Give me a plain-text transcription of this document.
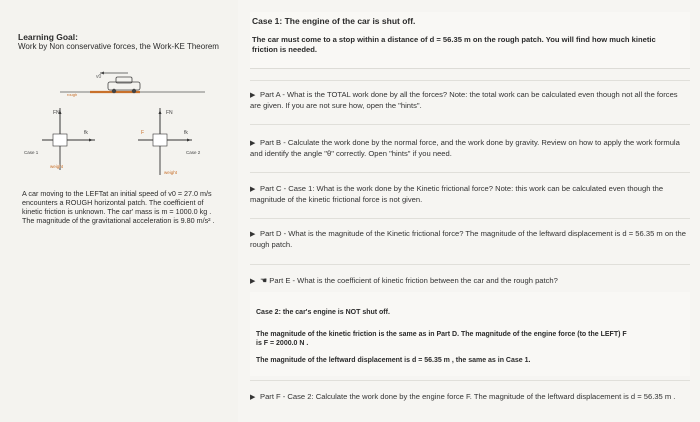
Learning Goal:
Work by Non conservative forces, the Work-KE Theorem
v0
rough
FN
fk
Case 1
weight
F
FN
fk
Case 2
weight
A car moving to the LEFTat an initial speed of v0 = 27.0 m/s encounters a ROUGH horizontal patch. The coefficient of kinetic friction is unknown. The car' mass is m = 1000.0 kg . The magnitude of the gravitational acceleration is 9.80 m/s² .
Case 1: The engine of the car is shut off.
The car must come to a stop within a distance of d = 56.35 m on the rough patch. You will find how much kinetic friction is needed.
▶ Part A - What is the TOTAL work done by all the forces? Note: the total work can be calculated even though not all the forces are given. If you are not sure how, open the "hints".
▶ Part B - Calculate the work done by the normal force, and the work done by gravity. Review on how to apply the work formula and identify the angle "θ" correctly. Open "hints" if you need.
▶ Part C - Case 1: What is the work done by the Kinetic frictional force? Note: this work can be calculated even though the magnitude of the kinetic frictional force is not given.
▶ Part D - What is the magnitude of the Kinetic frictional force? The magnitude of the leftward displacement is d = 56.35 m on the rough patch.
▶ ☚ Part E - What is the coefficient of kinetic friction between the car and the rough patch?
Case 2: the car's engine is NOT shut off.
The magnitude of the kinetic friction is the same as in Part D. The magnitude of the engine force (to the LEFT) F
is F = 2000.0 N .
The magnitude of the leftward displacement is d = 56.35 m , the same as in Case 1.
▶ Part F - Case 2: Calculate the work done by the engine force F. The magnitude of the leftward displacement is d = 56.35 m .
